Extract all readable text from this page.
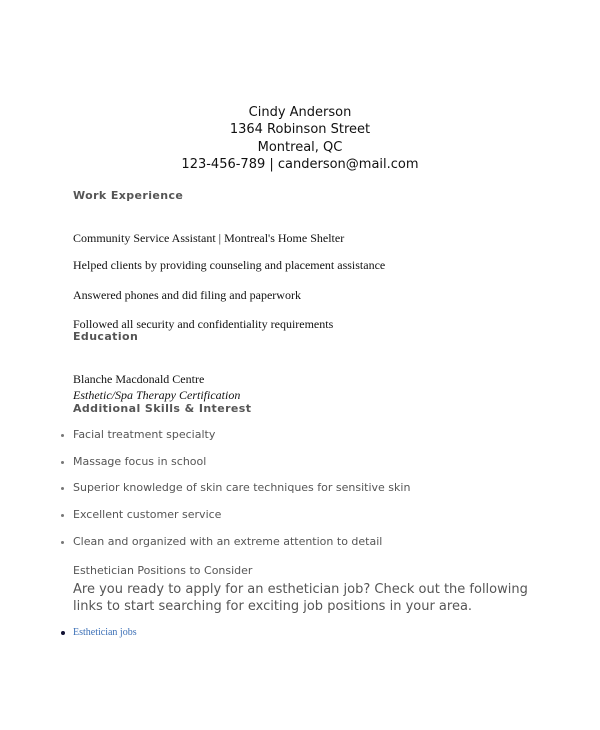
Cindy Anderson
1364 Robinson Street
Montreal, QC
123-456-789 | canderson@mail.com
Work Experience
Community Service Assistant | Montreal's Home Shelter
Helped clients by providing counseling and placement assistance
Answered phones and did filing and paperwork
Followed all security and confidentiality requirements
Education
Blanche Macdonald Centre
Esthetic/Spa Therapy Certification
Additional Skills & Interest
Facial treatment specialty
Massage focus in school
Superior knowledge of skin care techniques for sensitive skin
Excellent customer service
Clean and organized with an extreme attention to detail
Esthetician Positions to Consider
Are you ready to apply for an esthetician job? Check out the following links to start searching for exciting job positions in your area.
Esthetician jobs
